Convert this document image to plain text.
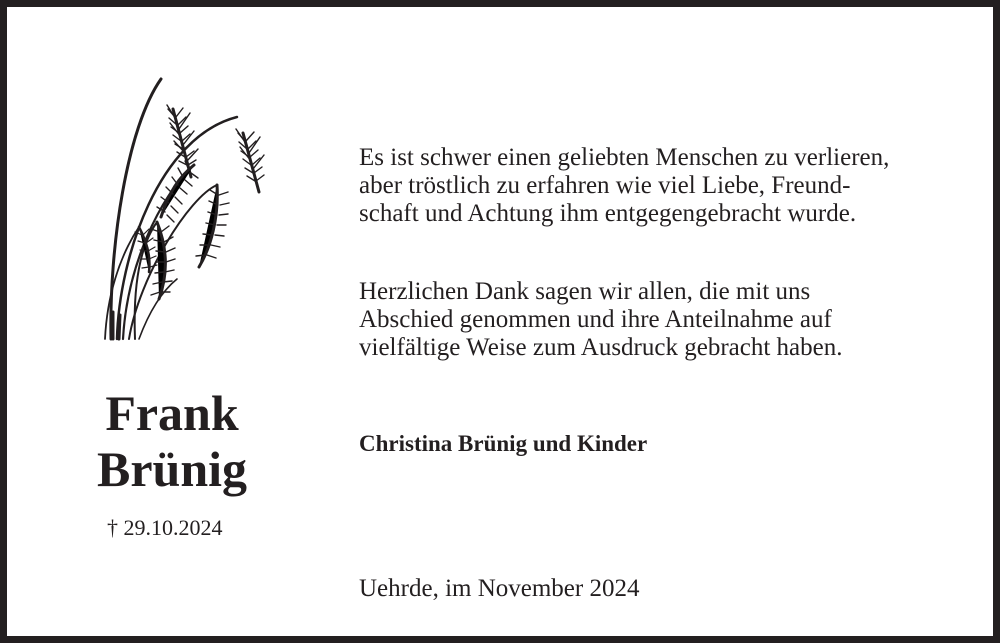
Frank
Brünig
† 29.10.2024
Es ist schwer einen geliebten Menschen zu verlieren,
aber tröstlich zu erfahren wie viel Liebe, Freund-
schaft und Achtung ihm entgegengebracht wurde.
Herzlichen Dank sagen wir allen, die mit uns
Abschied genommen und ihre Anteilnahme auf
vielfältige Weise zum Ausdruck gebracht haben.
Christina Brünig und Kinder
Uehrde, im November 2024
